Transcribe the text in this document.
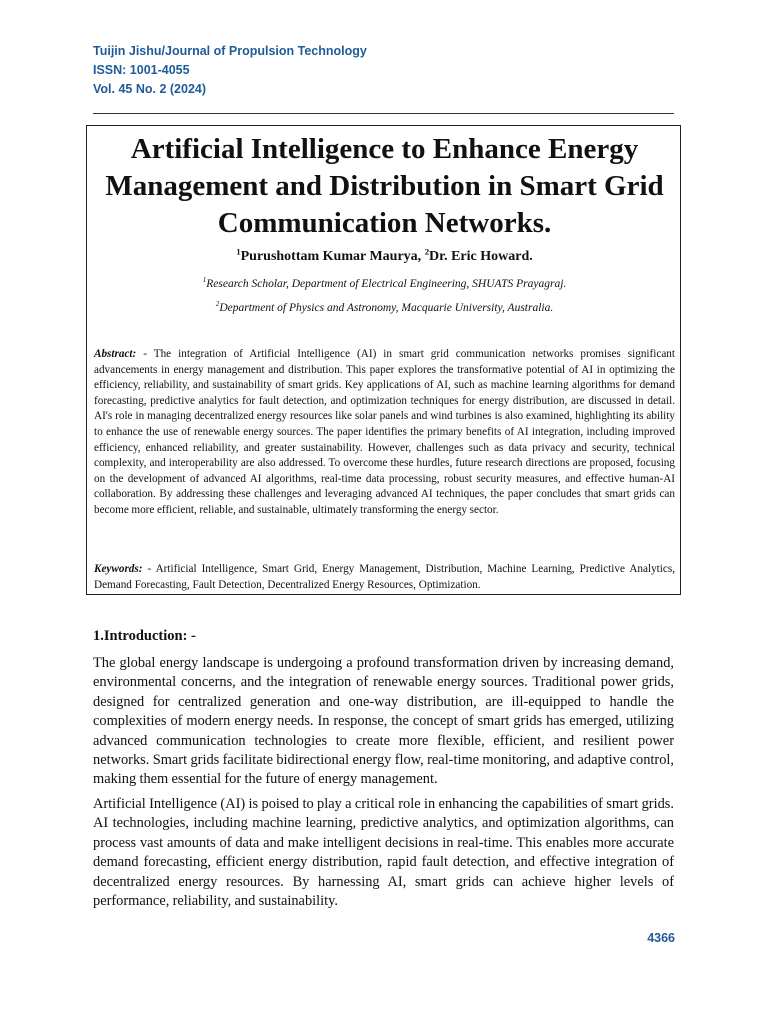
Tuijin Jishu/Journal of Propulsion Technology
ISSN: 1001-4055
Vol. 45 No. 2 (2024)
Artificial Intelligence to Enhance Energy Management and Distribution in Smart Grid Communication Networks.
$^1$Purushottam Kumar Maurya, $^2$Dr. Eric Howard.
$^1$Research Scholar, Department of Electrical Engineering, SHUATS Prayagraj.
$^2$Department of Physics and Astronomy, Macquarie University, Australia.

Abstract: - The integration of Artificial Intelligence (AI) in smart grid communication networks promises significant advancements in energy management and distribution. This paper explores the transformative potential of AI in optimizing the efficiency, reliability, and sustainability of smart grids. Key applications of AI, such as machine learning algorithms for demand forecasting, predictive analytics for fault detection, and optimization techniques for energy distribution, are discussed in detail. AI's role in managing decentralized energy resources like solar panels and wind turbines is also examined, highlighting its ability to enhance the use of renewable energy sources. The paper identifies the primary benefits of AI integration, including improved efficiency, enhanced reliability, and greater sustainability. However, challenges such as data privacy and security, technical complexity, and interoperability are also addressed. To overcome these hurdles, future research directions are proposed, focusing on the development of advanced AI algorithms, real-time data processing, robust security measures, and effective human-AI collaboration. By addressing these challenges and leveraging advanced AI techniques, the paper concludes that smart grids can become more efficient, reliable, and sustainable, ultimately transforming the energy sector.

Keywords: - Artificial Intelligence, Smart Grid, Energy Management, Distribution, Machine Learning, Predictive Analytics, Demand Forecasting, Fault Detection, Decentralized Energy Resources, Optimization.

1.Introduction: -

The global energy landscape is undergoing a profound transformation driven by increasing demand, environmental concerns, and the integration of renewable energy sources. Traditional power grids, designed for centralized generation and one-way distribution, are ill-equipped to handle the complexities of modern energy needs. In response, the concept of smart grids has emerged, utilizing advanced communication technologies to create more flexible, efficient, and resilient power networks. Smart grids facilitate bidirectional energy flow, real-time monitoring, and adaptive control, making them essential for the future of energy management.

Artificial Intelligence (AI) is poised to play a critical role in enhancing the capabilities of smart grids. AI technologies, including machine learning, predictive analytics, and optimization algorithms, can process vast amounts of data and make intelligent decisions in real-time. This enables more accurate demand forecasting, efficient energy distribution, rapid fault detection, and effective integration of decentralized energy resources. By harnessing AI, smart grids can achieve higher levels of performance, reliability, and sustainability.

4366
